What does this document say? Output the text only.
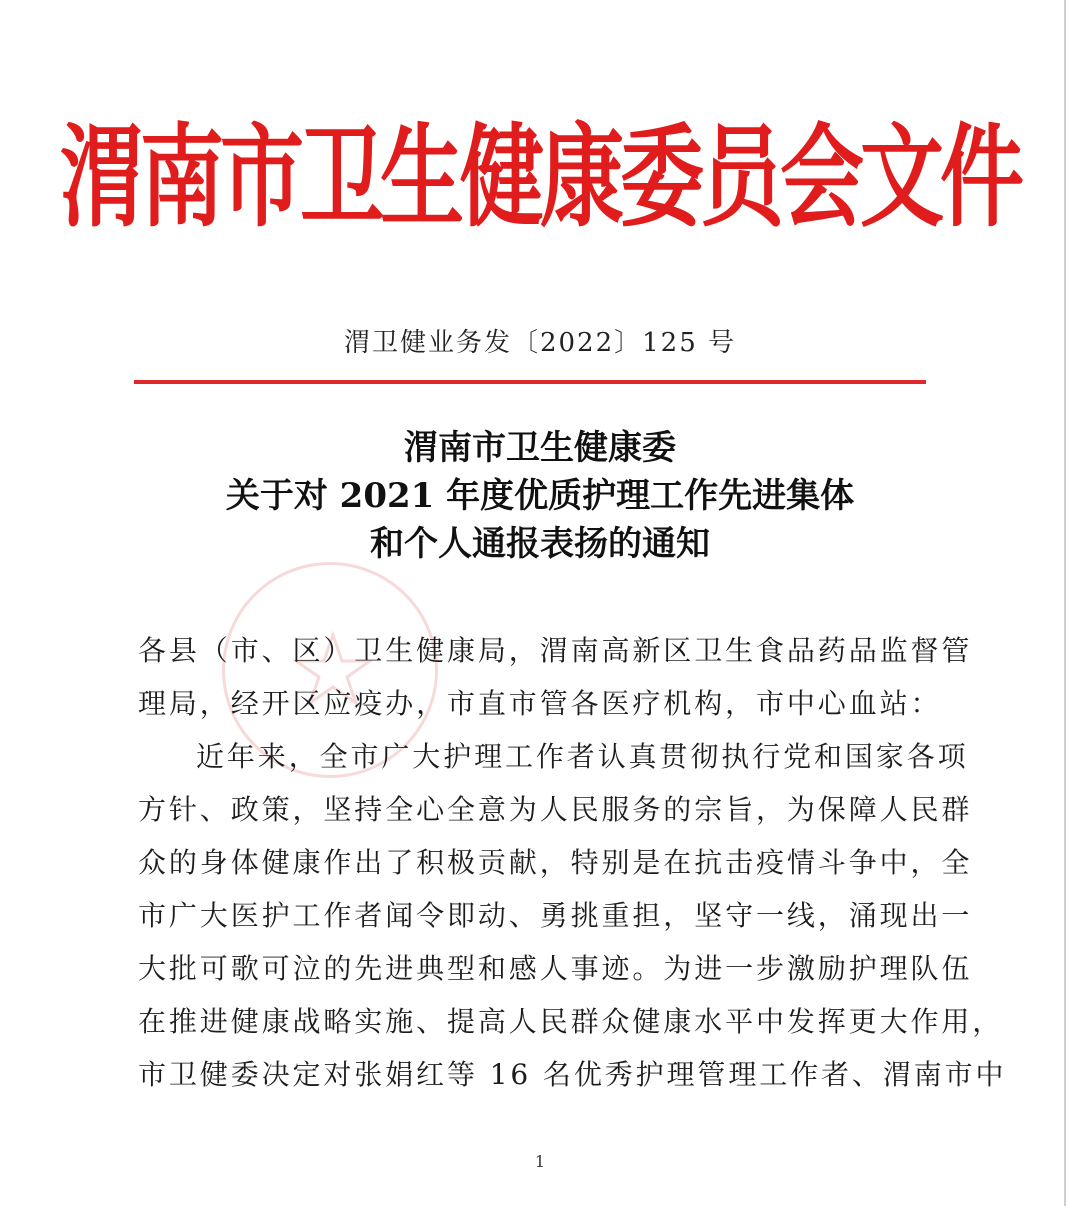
渭南市卫生健康委员会文件
渭卫健业务发〔2022〕125 号
渭南市卫生健康委
关于对 2021 年度优质护理工作先进集体
和个人通报表扬的通知

各县（市、区）卫生健康局，渭南高新区卫生食品药品监督管

理局，经开区应疫办，市直市管各医疗机构，市中心血站：

近年来，全市广大护理工作者认真贯彻执行党和国家各项

方针、政策，坚持全心全意为人民服务的宗旨，为保障人民群

众的身体健康作出了积极贡献，特别是在抗击疫情斗争中，全

市广大医护工作者闻令即动、勇挑重担，坚守一线，涌现出一

大批可歌可泣的先进典型和感人事迹。为进一步激励护理队伍

在推进健康战略实施、提高人民群众健康水平中发挥更大作用，

市卫健委决定对张娟红等 16 名优秀护理管理工作者、渭南市中

1
